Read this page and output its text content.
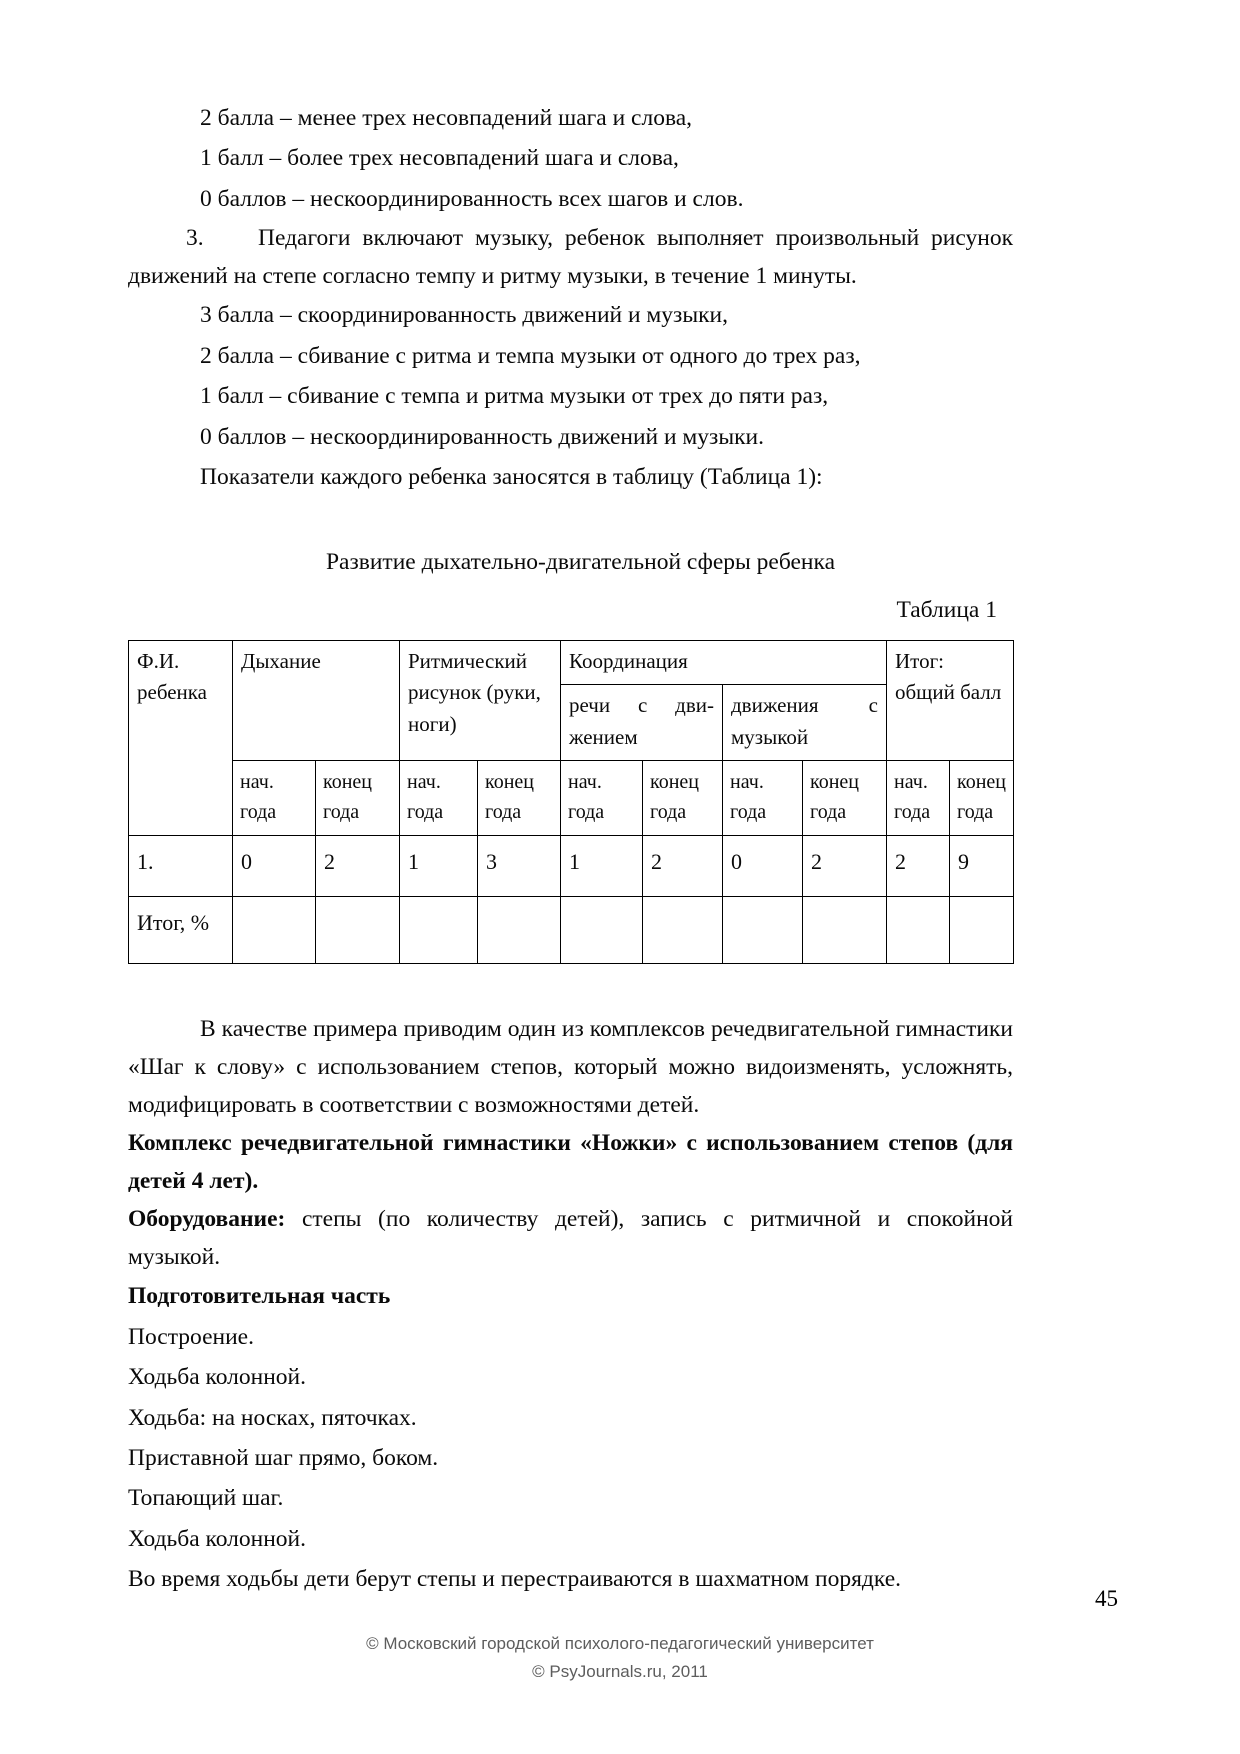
2 балла – менее трех несовпадений шага и слова,

1 балл – более трех несовпадений шага и слова,

0 баллов – нескоординированность всех шагов и слов.

3. Педагоги включают музыку, ребенок выполняет произвольный рисунок движений на степе согласно темпу и ритму музыки, в течение 1 минуты.

3 балла – скоординированность движений и музыки,

2 балла – сбивание с ритма и темпа музыки от одного до трех раз,

1 балл – сбивание с темпа и ритма музыки от трех до пяти раз,

0 баллов – нескоординированность движений и музыки.

Показатели каждого ребенка заносятся в таблицу (Таблица 1):

Развитие дыхательно-двигательной сферы ребенка

Таблица 1

Ф.И. ребенка	Дыхание		Ритмический рисунок (руки, ноги)		Координация				Итог: общий балл	
					речи с дви-жением		движения с музыкой			
	нач. года	конец года	нач. года	конец года	нач. года	конец года	нач. года	конец года	нач. года	конец года
1.	0	2	1	3	1	2	0	2	2	9
Итог, %										

В качестве примера приводим один из комплексов речедвигательной гимнастики «Шаг к слову» с использованием степов, который можно видоизменять, усложнять, модифицировать в соответствии с возможностями детей.

Комплекс речедвигательной гимнастики «Ножки» с использованием степов (для детей 4 лет).

Оборудование: степы (по количеству детей), запись с ритмичной и спокойной музыкой.

Подготовительная часть

Построение.

Ходьба колонной.

Ходьба: на носках, пяточках.

Приставной шаг прямо, боком.

Топающий шаг.

Ходьба колонной.

Во время ходьбы дети берут степы и перестраиваются в шахматном порядке.

45
© Московский городской психолого-педагогический университет
© PsyJournals.ru, 2011
